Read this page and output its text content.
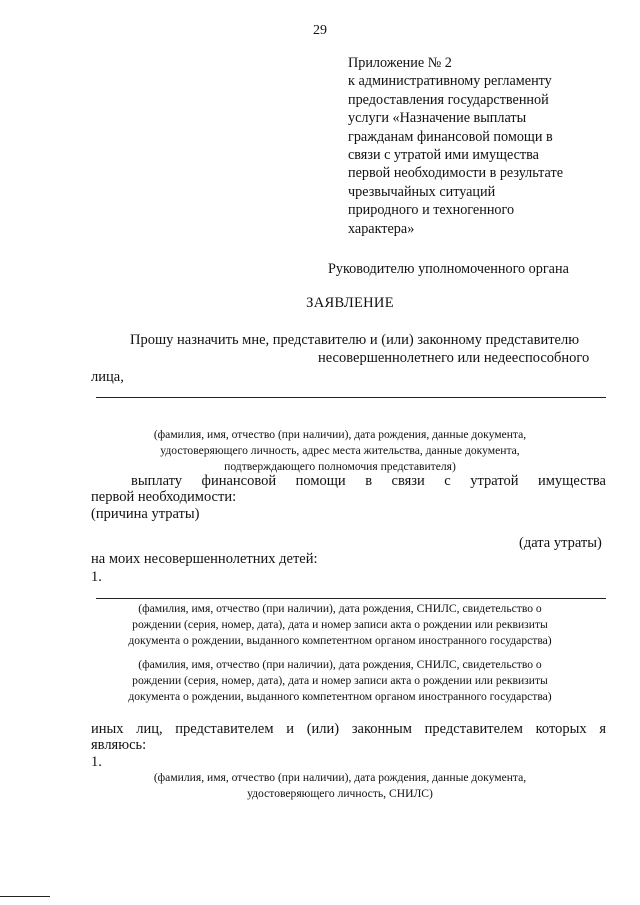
29
Приложение № 2
к административному регламенту
предоставления государственной
услуги «Назначение выплаты
гражданам финансовой помощи в
связи с утратой ими имущества
первой необходимости в результате
чрезвычайных ситуаций
природного и техногенного
характера»
Руководителю уполномоченного органа
ЗАЯВЛЕНИЕ
Прошу назначить мне, представителю и (или) законному представителю
несовершеннолетнего или недееспособного
лица,
(фамилия, имя, отчество (при наличии), дата рождения, данные документа,
удостоверяющего личность, адрес места жительства, данные документа,
подтверждающего полномочия представителя)
выплату финансовой помощи в связи с утратой имущества
первой необходимости:
(причина утраты)
(дата утраты)
на моих несовершеннолетних детей:
1.
(фамилия, имя, отчество (при наличии), дата рождения, СНИЛС, свидетельство о
рождении (серия, номер, дата), дата и номер записи акта о рождении или реквизиты
документа о рождении, выданного компетентном органом иностранного государства)
(фамилия, имя, отчество (при наличии), дата рождения, СНИЛС, свидетельство о
рождении (серия, номер, дата), дата и номер записи акта о рождении или реквизиты
документа о рождении, выданного компетентном органом иностранного государства)
иных лиц, представителем и (или) законным представителем которых я
являюсь:
1.
(фамилия, имя, отчество (при наличии), дата рождения, данные документа,
удостоверяющего личность, СНИЛС)
